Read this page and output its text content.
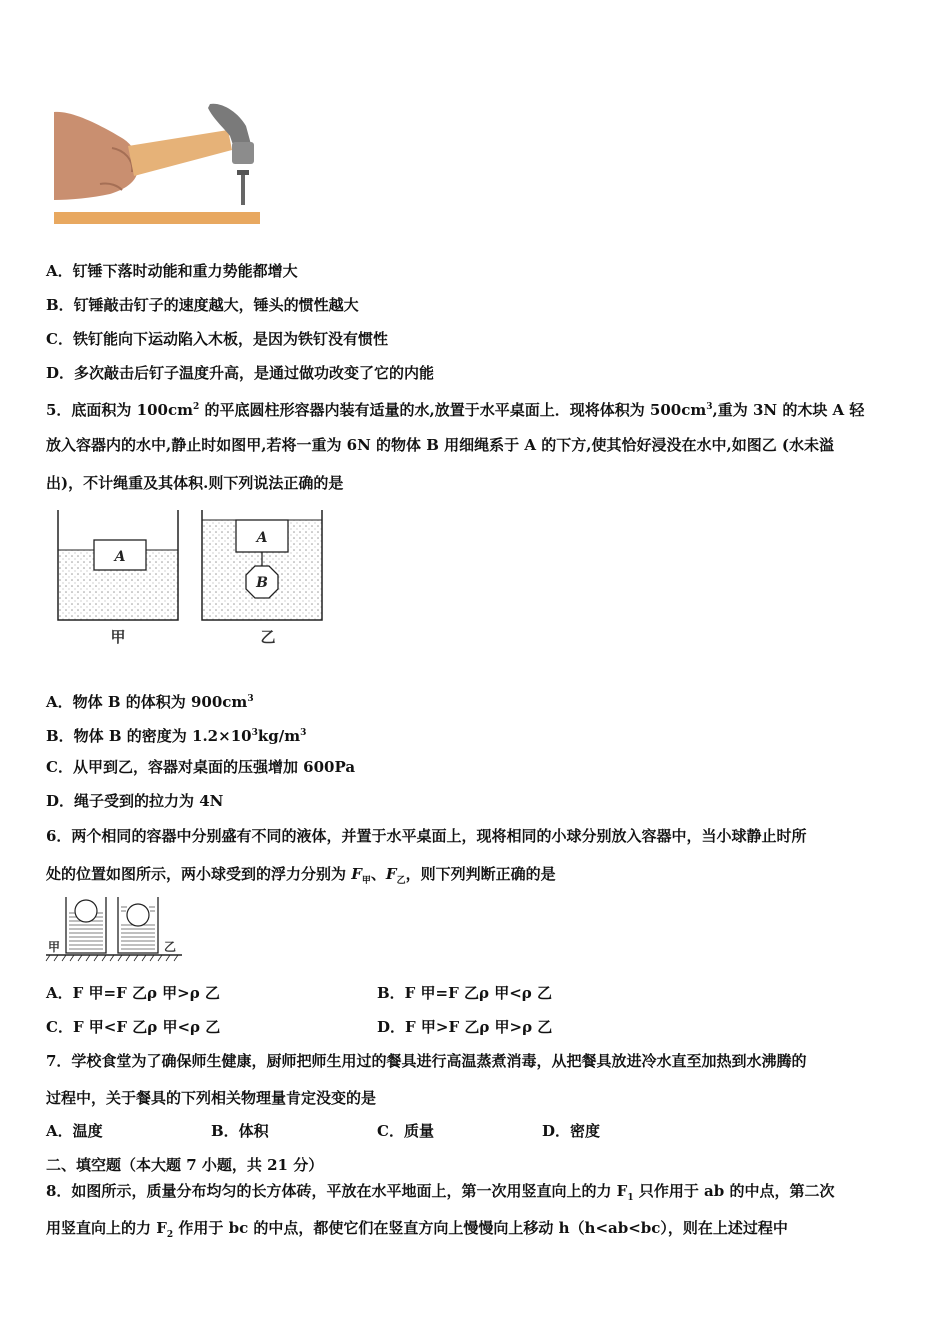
A．钉锤下落时动能和重力势能都增大
B．钉锤敲击钉子的速度越大，锤头的惯性越大
C．铁钉能向下运动陷入木板，是因为铁钉没有惯性
D．多次敲击后钉子温度升高，是通过做功改变了它的内能
5．底面积为 $100cm^2$ 的平底圆柱形容器内装有适量的水,放置于水平桌面上．现将体积为 $500cm^3$,重为 3N 的木块 A 轻
放入容器内的水中,静止时如图甲,若将一重为 6N 的物体 B 用细绳系于 A 的下方,使其恰好浸没在水中,如图乙 (水未溢
出)，不计绳重及其体积.则下列说法正确的是
A
甲
A
B
乙
A．物体 B 的体积为 $900cm^3$
B．物体 B 的密度为 $1.2\times 10^3kg/m^3$
C．从甲到乙，容器对桌面的压强增加 600Pa
D．绳子受到的拉力为 4N
6．两个相同的容器中分别盛有不同的液体，并置于水平桌面上，现将相同的小球分别放入容器中，当小球静止时所
处的位置如图所示，两小球受到的浮力分别为 $F_甲$、$F_乙$，则下列判断正确的是
甲	乙
A．F 甲=F 乙ρ 甲>ρ 乙	B．F 甲=F 乙ρ 甲<ρ 乙
C．F 甲<F 乙ρ 甲<ρ 乙	D．F 甲>F 乙ρ 甲>ρ 乙
7．学校食堂为了确保师生健康，厨师把师生用过的餐具进行高温蒸煮消毒，从把餐具放进冷水直至加热到水沸腾的
过程中，关于餐具的下列相关物理量肯定没变的是
A．温度	B．体积	C．质量	D．密度
二、填空题（本大题 7 小题，共 21 分）
8．如图所示，质量分布均匀的长方体砖，平放在水平地面上，第一次用竖直向上的力 $F_1$ 只作用于 ab 的中点，第二次
用竖直向上的力 $F_2$ 作用于 bc 的中点，都使它们在竖直方向上慢慢向上移动 h（h<ab<bc），则在上述过程中
